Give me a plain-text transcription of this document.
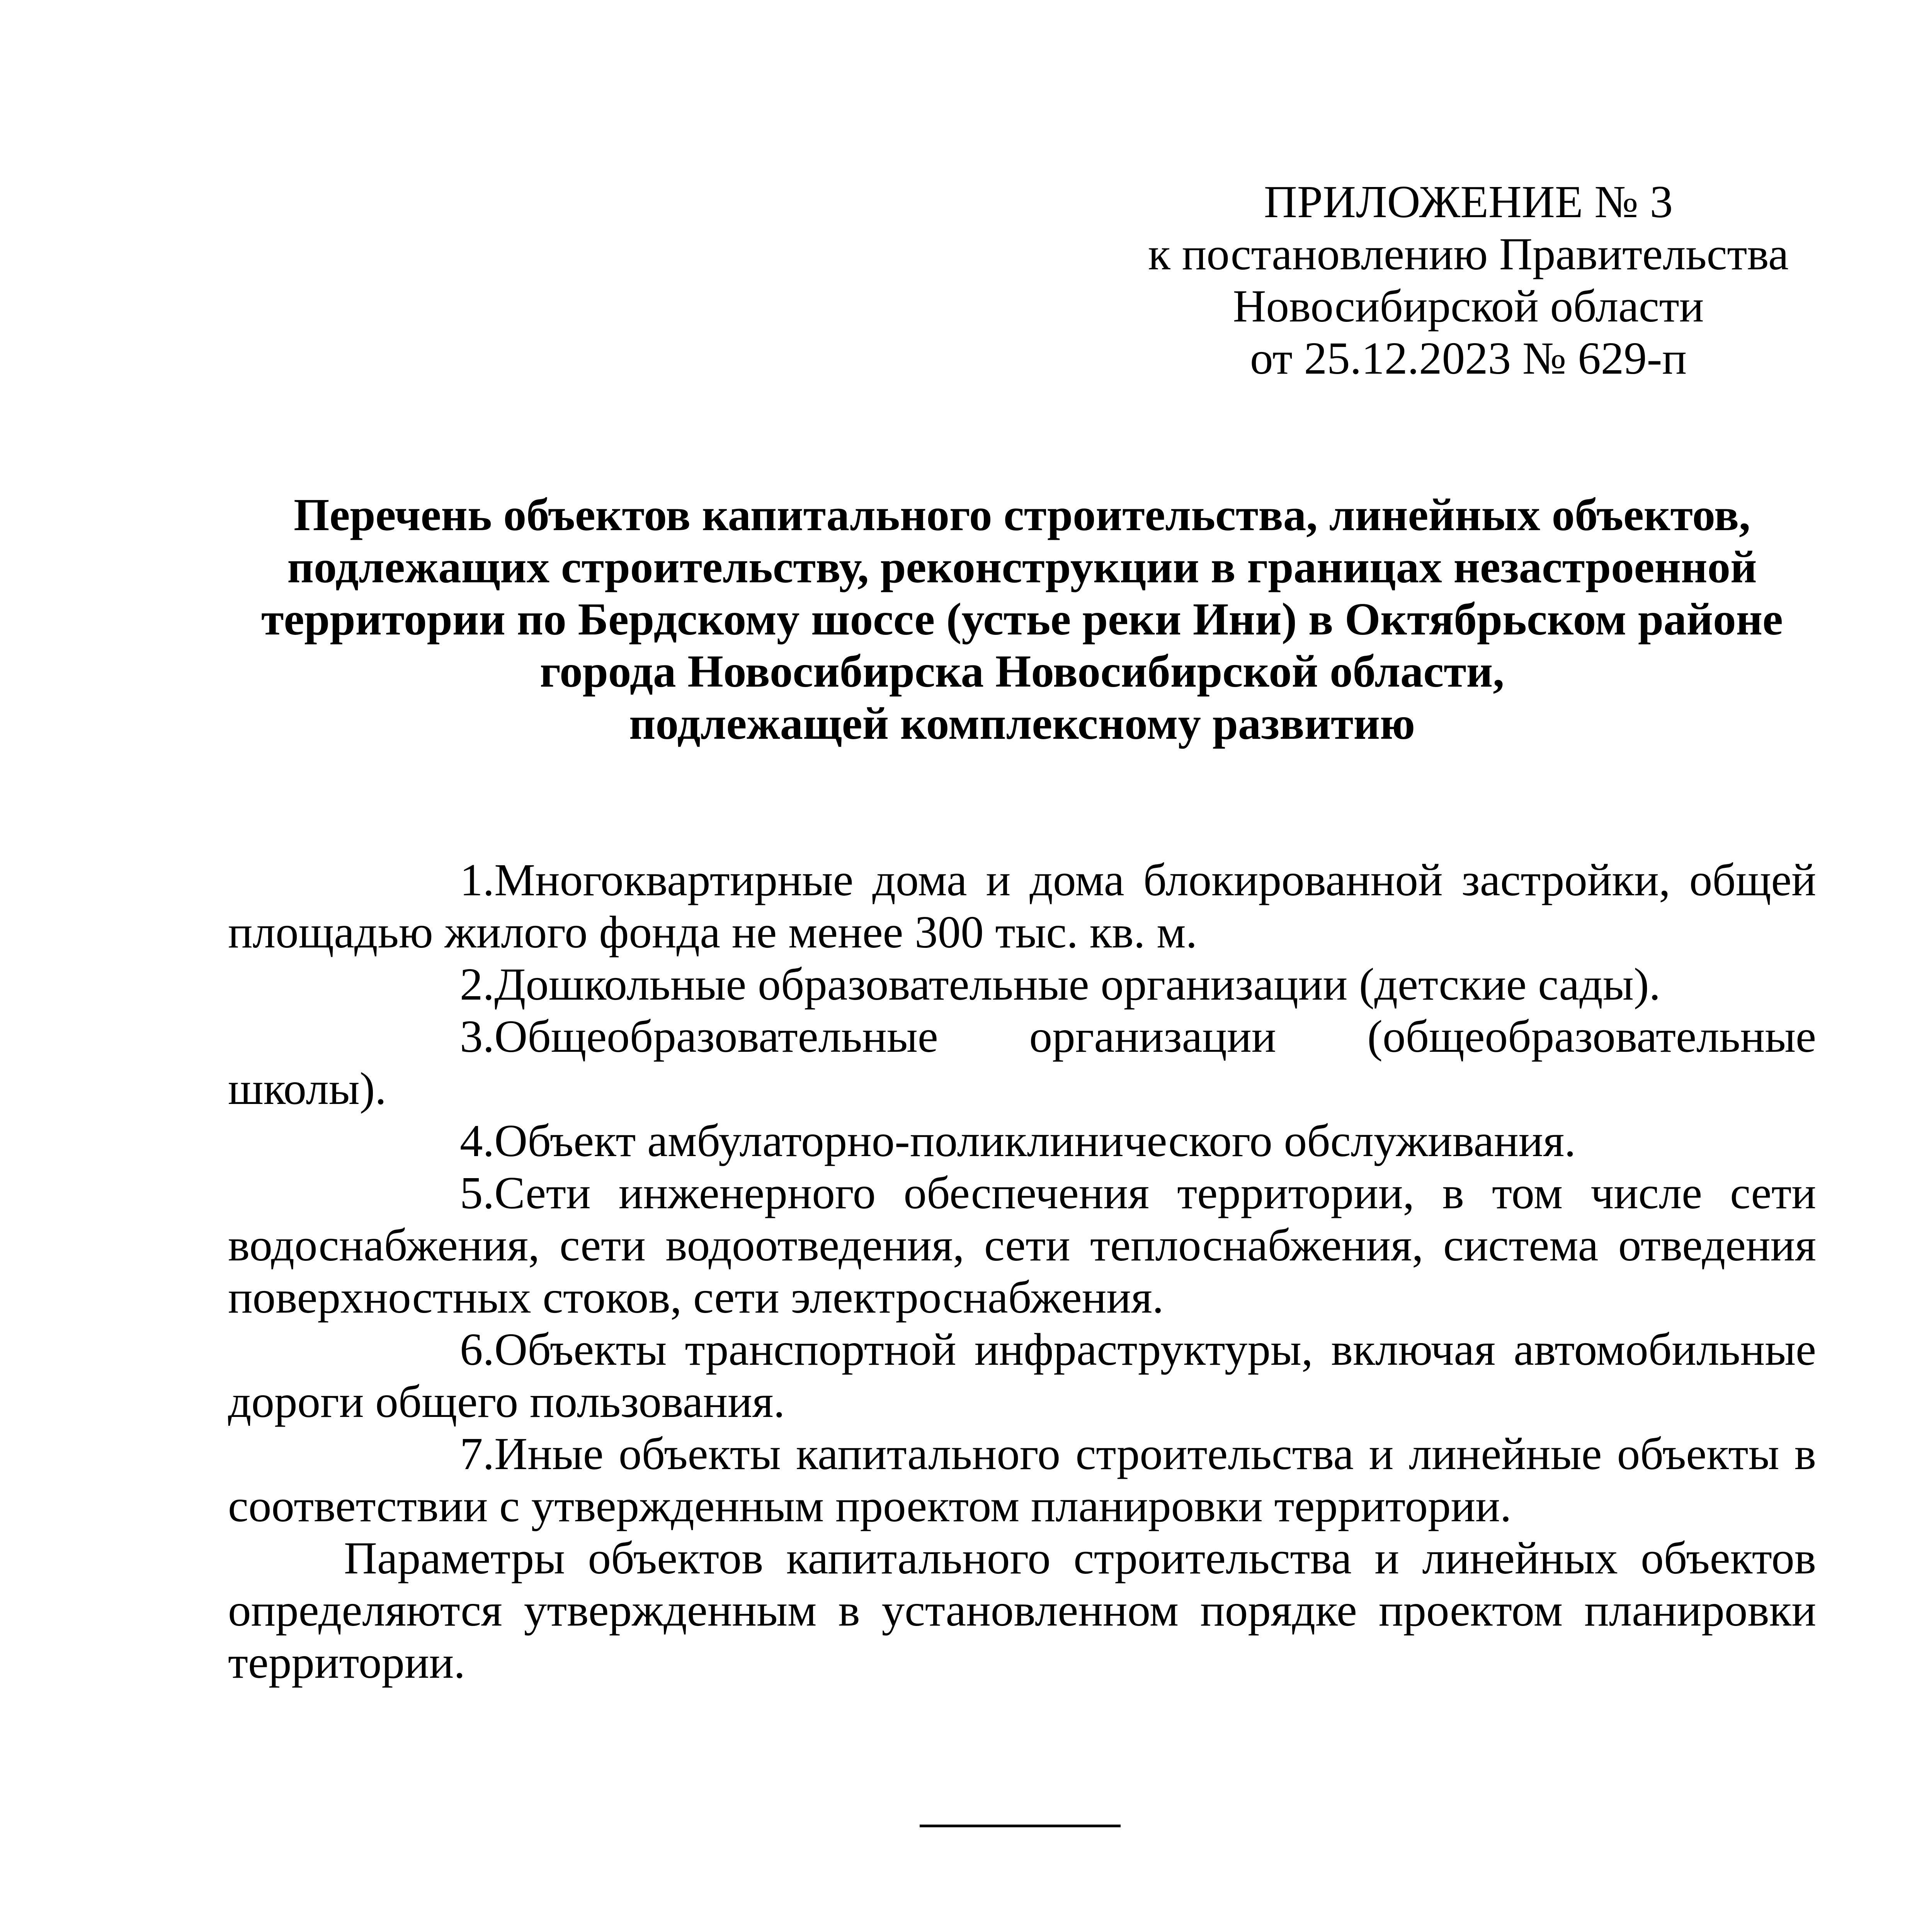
ПРИЛОЖЕНИЕ № 3
к постановлению Правительства
Новосибирской области
от 25.12.2023 № 629-п
Перечень объектов капитального строительства, линейных объектов,
подлежащих строительству, реконструкции в границах незастроенной
территории по Бердскому шоссе (устье реки Ини) в Октябрьском районе
города Новосибирска Новосибирской области,
подлежащей комплексному развитию

1.Многоквартирные дома и дома блокированной застройки, общей площадью жилого фонда не менее 300 тыс. кв. м.

2.Дошкольные образовательные организации (детские сады).

3.Общеобразовательные организации (общеобразовательные школы).

4.Объект амбулаторно-поликлинического обслуживания.

5.Сети инженерного обеспечения территории, в том числе сети водоснабжения, сети водоотведения, сети теплоснабжения, система отведения поверхностных стоков, сети электроснабжения.

6.Объекты транспортной инфраструктуры, включая автомобильные дороги общего пользования.

7.Иные объекты капитального строительства и линейные объекты в соответствии с утвержденным проектом планировки территории.

Параметры объектов капитального строительства и линейных объектов определяются утвержденным в установленном порядке проектом планировки территории.
